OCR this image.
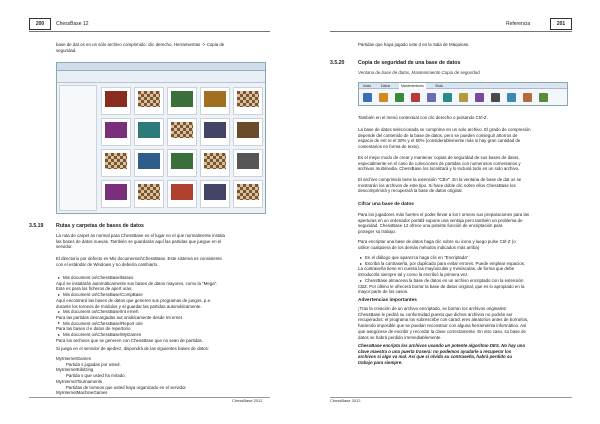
200	ChessBase 12
base de dat os en un sólo archivo comprimido: clic derecho, Herramientas -> Copia de
seguridad.
3.5.19 Rutas y carpetas de bases de datos
La ruta de carpet as normal para ChessBase es el lugar en el que normalmente instala
las bases de datos nuevas. También se guardarán aquí las partidas que juegue en el
servidor.
El directorio por defecto es Mis documentos\ChessBase. Este sistema es consistente
con el estándar de Windows y no debería cambiarlo.
Mis document os\ChessBase\Bases
Aquí se instalarán automáticamente sus bases de datos mayores, como la "Mega".
Este es para los ficheros de apert uras.
Mis document os\ChessBase\CompBase
Aquí encontrará las bases de datos que generen sus programas de juegos, p.e.
durante los torneos de módulos y al guardar las partidas automáticamente.
Mis document os\ChessBase\Int ernet\
Para las partidas descargadas aut omáticamente desde Int ernet.
Mis document os\ChessBase\Report oire
Para las bases d e datos de repertorio
Mis document os\ChessBase\MyGames
Para los archivos que se generen con ChessBase que no sean de partidas.
Si juega en el servidor de ajedrez, dispondrá de las siguientes bases de datos:
MyInternetGames
Partida s jugadas por usted.
MyInternetKibitzing
Partida s que usted ha mirado.
MyInternetTournaments
Partidas de torneos que usted haya organizado en el servidor.
MyInternetMachineGames
ChessBase 2012
Referencia	201
Partidas que haya jugado uste d en la Sala de Máquinas.
3.5.20	Copia de seguridad de una base de datos
Ventana de base de datos, Mantenimiento Copia de seguridad
Inicio	Datos	Mantenimiento	Vista
También en el menú contextual con clic derecho o pulsando Ctrl-Z.
La base de datos seleccionada se comprime en un solo archivo. El grado de compresión
depende del contenido de la base de datos, pero se pueden conseguir ahorros de
espacio de ent re el 30% y el 50% (considerablemente más si hay gran cantidad de
comentarios en forma de texto).
Es el mejor modo de crear y mantener copias de seguridad de sus bases de datos,
especialmente en el caso de colecciones de partidas con numerosos comentarios y
archivos multimedia. ChessBase los localizará y lo incluirá todo en un solo archivo.
El archivo comprimido tiene la extensión "CBV". En la ventana de base de dat os se
mostrarán los archivos de este tipo. Si hace doble clic sobre ellos ChessBase los
descomprimirá y recuperará la base de datos original.
Cifrar una base de datos
Para los jugadores más fuertes el poder llevar a los t orneos sus preparaciones para las
aperturas en un ordenador portátil supone una ventaja pero también un problema de
seguridad. ChessBase 12 ofrece una potente función de encriptación para
proteger su trabajo.
Para encriptar una base de datos haga clic sobre su icono y luego pulse Ctrl-Z (o
utilice cualquiera de los demás métodos indicados más arriba)
En el diálogo que aparezca haga clic en "Encriptada"
Escriba la contraseña, por duplicado para evitar errores. Puede emplear espacios.
La contraseña tiene en cuenta las mayúsculas y minúsculas, de forma que debe
introducirla siempre tal y como la escribió la primera vez.
ChessBase almacena la base de datos en un archivo encriptado con la extensión
CBZ. Por último le ofrecerá borrar la base de datos original, que es lo apropiado en la
mayor parte de los casos.
Advertencias importantes
¡Tras la creación de un archivo encriptado, se borran los archivos originales!
ChessBase le pedirá su conformidad puesto que dichos archivos no podrán ser
recuperados: el programa los sobrescribe con caract eres aleatorios antes de borrarlos,
haciendo imposible que se puedan reconstruir con alguna herramienta informática. Así
que asegúrese de escribir y recordar la clave correctamente. En otro caso, su base de
datos se habrá perdido irremediablemente.
ChessBase encripta los archivos usando un potente algoritmo DES. No hay una
clave maestra o una puerta trasera: no podemos ayudarle a recuperar los
archivos si algo va mal. Así que si olvida su contraseña, habrá perdido su
trabajo para siempre.
ChessBase 2012
